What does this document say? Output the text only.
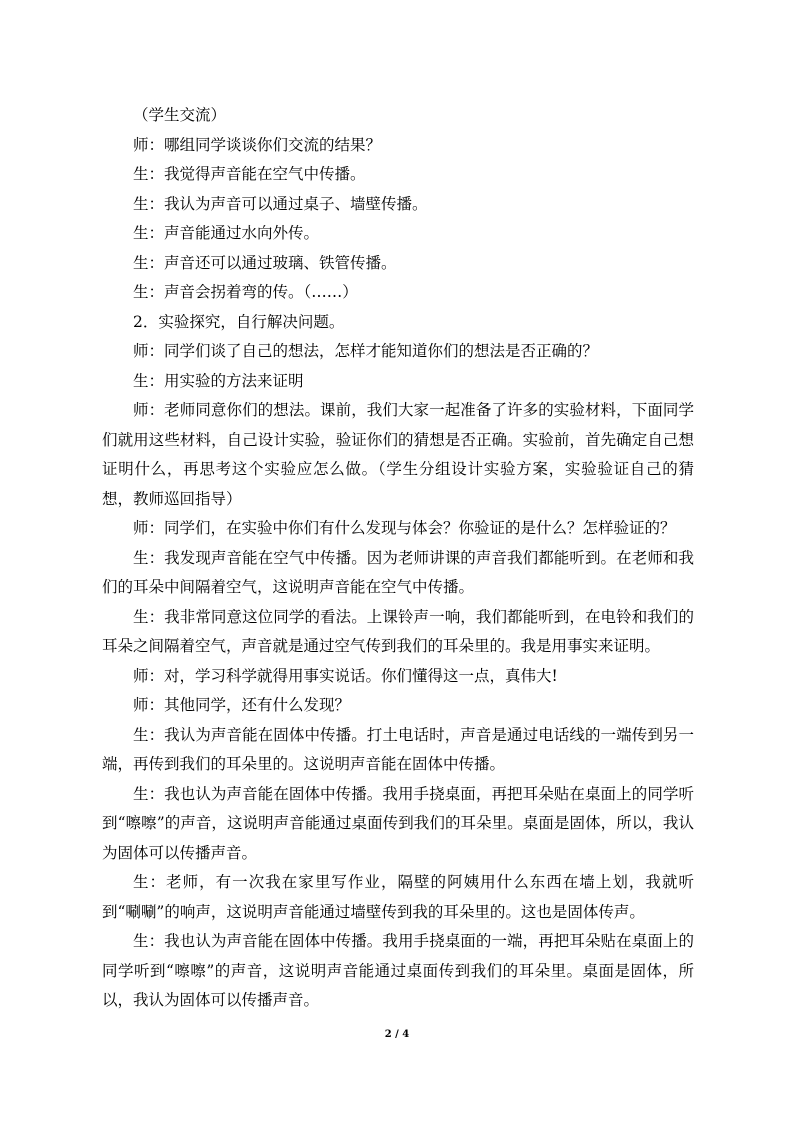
（学生交流）

师：哪组同学谈谈你们交流的结果？

生：我觉得声音能在空气中传播。

生：我认为声音可以通过桌子、墙壁传播。

生：声音能通过水向外传。

生：声音还可以通过玻璃、铁管传播。

生：声音会拐着弯的传。（……）

2．实验探究，自行解决问题。

师：同学们谈了自己的想法，怎样才能知道你们的想法是否正确的？

生：用实验的方法来证明

师：老师同意你们的想法。课前，我们大家一起准备了许多的实验材料，下面同学们就用这些材料，自己设计实验，验证你们的猜想是否正确。实验前，首先确定自己想证明什么，再思考这个实验应怎么做。（学生分组设计实验方案，实验验证自己的猜想，教师巡回指导）

师：同学们，在实验中你们有什么发现与体会？你验证的是什么？怎样验证的？

生：我发现声音能在空气中传播。因为老师讲课的声音我们都能听到。在老师和我们的耳朵中间隔着空气，这说明声音能在空气中传播。

生：我非常同意这位同学的看法。上课铃声一响，我们都能听到，在电铃和我们的耳朵之间隔着空气，声音就是通过空气传到我们的耳朵里的。我是用事实来证明。

师：对，学习科学就得用事实说话。你们懂得这一点，真伟大!

师：其他同学，还有什么发现？

生：我认为声音能在固体中传播。打土电话时，声音是通过电话线的一端传到另一端，再传到我们的耳朵里的。这说明声音能在固体中传播。

生：我也认为声音能在固体中传播。我用手挠桌面，再把耳朵贴在桌面上的同学听到“嚓嚓”的声音，这说明声音能通过桌面传到我们的耳朵里。桌面是固体，所以，我认为固体可以传播声音。

生：老师，有一次我在家里写作业，隔壁的阿姨用什么东西在墙上划，我就听到“唰唰”的响声，这说明声音能通过墙壁传到我的耳朵里的。这也是固体传声。

生：我也认为声音能在固体中传播。我用手挠桌面的一端，再把耳朵贴在桌面上的同学听到“嚓嚓”的声音，这说明声音能通过桌面传到我们的耳朵里。桌面是固体，所以，我认为固体可以传播声音。

2 / 4
